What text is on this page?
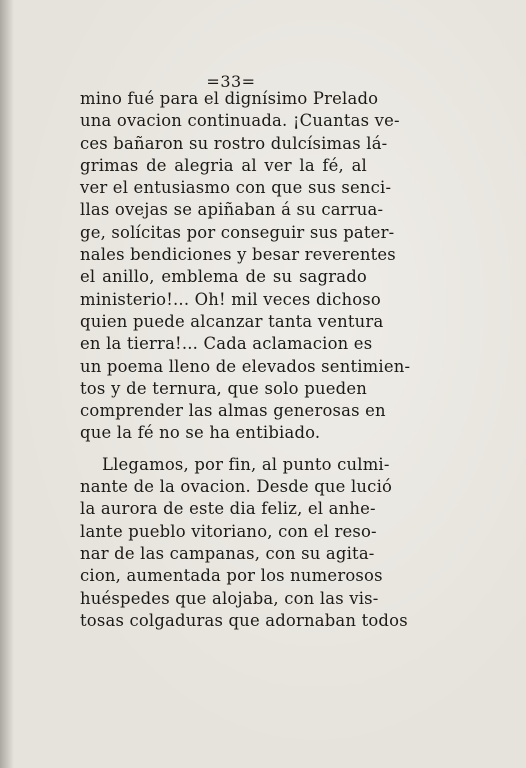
=33=
mino fué para el dignísimo Prelado
una ovacion continuada. ¡Cuantas ve-
ces bañaron su rostro dulcísimas lá-
grimas de alegria al ver la fé, al
ver el entusiasmo con que sus senci-
llas ovejas se apiñaban á su carrua-
ge, solícitas por conseguir sus pater-
nales bendiciones y besar reverentes
el anillo, emblema de su sagrado
ministerio!... Oh! mil veces dichoso
quien puede alcanzar tanta ventura
en la tierra!... Cada aclamacion es
un poema lleno de elevados sentimien-
tos y de ternura, que solo pueden
comprender las almas generosas en
que la fé no se ha entibiado.
Llegamos, por fin, al punto culmi-
nante de la ovacion. Desde que lució
la aurora de este dia feliz, el anhe-
lante pueblo vitoriano, con el reso-
nar de las campanas, con su agita-
cion, aumentada por los numerosos
huéspedes que alojaba, con las vis-
tosas colgaduras que adornaban todos
